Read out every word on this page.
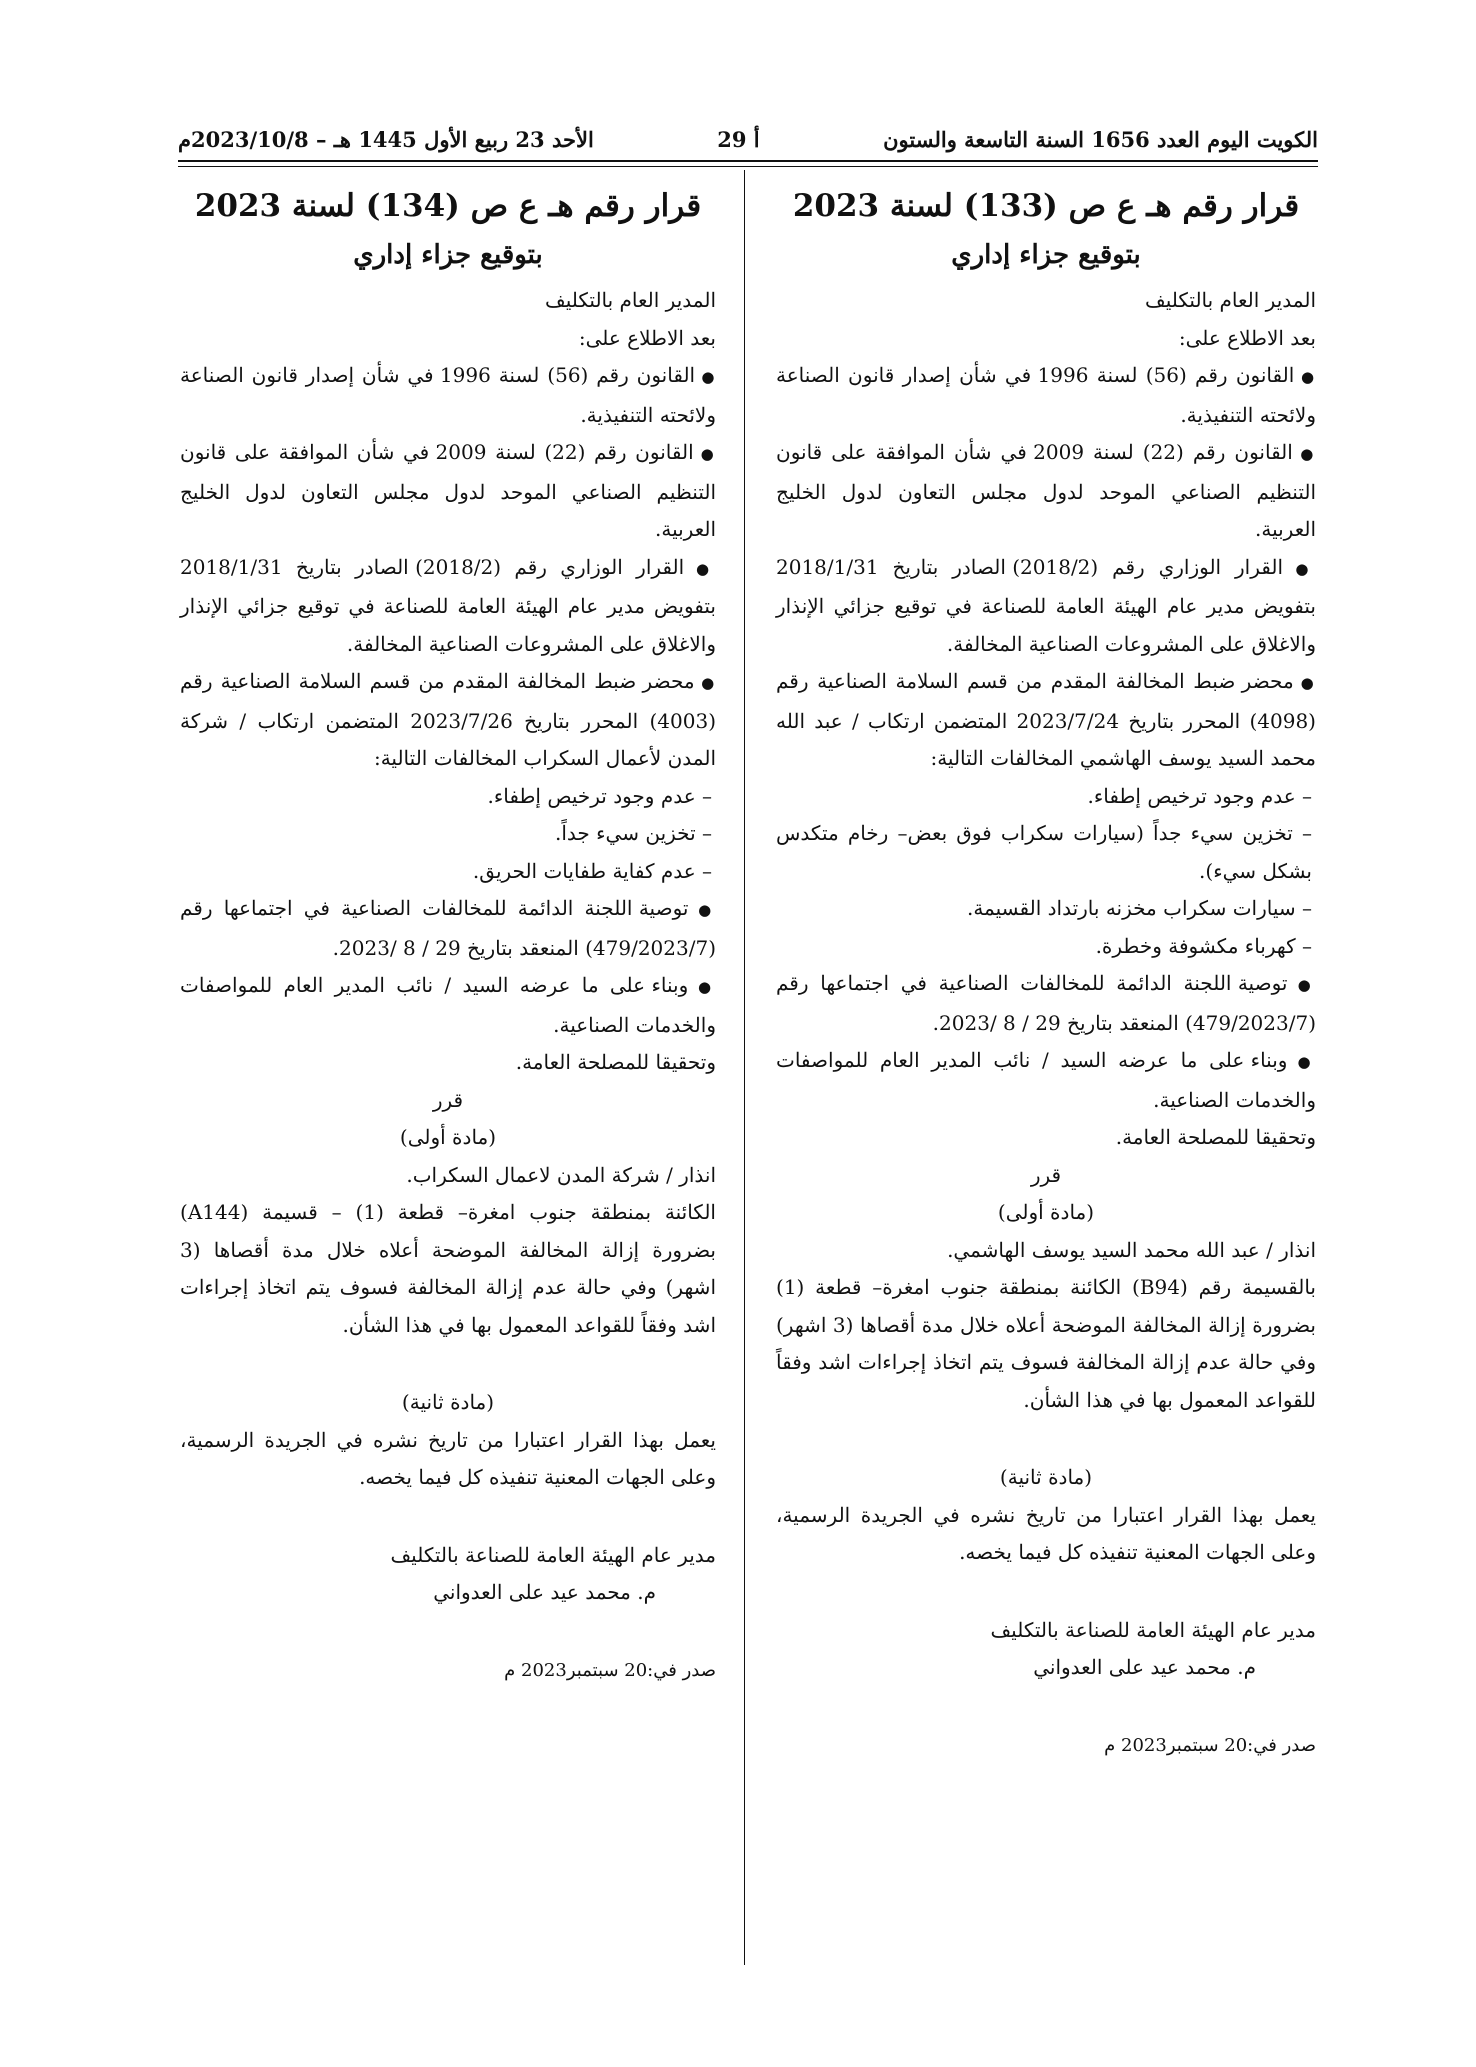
الكويت اليوم العدد 1656 السنة التاسعة والستون
أ 29
الأحد 23 ربيع الأول 1445 هـ – 2023/10/8م

قرار رقم هـ ع ص (133) لسنة 2023

بتوقيع جزاء إداري

المدير العام بالتكليف

بعد الاطلاع على:

● القانون رقم (56) لسنة 1996 في شأن إصدار قانون الصناعة ولائحته التنفيذية.

● القانون رقم (22) لسنة 2009 في شأن الموافقة على قانون التنظيم الصناعي الموحد لدول مجلس التعاون لدول الخليج العربية.

● القرار الوزاري رقم (2018/2) الصادر بتاريخ 2018/1/31 بتفويض مدير عام الهيئة العامة للصناعة في توقيع جزائي الإنذار والاغلاق على المشروعات الصناعية المخالفة.

● محضر ضبط المخالفة المقدم من قسم السلامة الصناعية رقم (4098) المحرر بتاريخ 2023/7/24 المتضمن ارتكاب / عبد الله محمد السيد يوسف الهاشمي المخالفات التالية:

– عدم وجود ترخيص إطفاء.

– تخزين سيء جداً (سيارات سكراب فوق بعض– رخام متكدس بشكل سيء).

– سيارات سكراب مخزنه بارتداد القسيمة.

– كهرباء مكشوفة وخطرة.

● توصية اللجنة الدائمة للمخالفات الصناعية في اجتماعها رقم (479/2023/7) المنعقد بتاريخ 29 / 8 /2023.

● وبناء على ما عرضه السيد / نائب المدير العام للمواصفات والخدمات الصناعية.

وتحقيقا للمصلحة العامة.

قرر

(مادة أولى)

انذار / عبد الله محمد السيد يوسف الهاشمي.

بالقسيمة رقم (B94) الكائنة بمنطقة جنوب امغرة– قطعة (1) بضرورة إزالة المخالفة الموضحة أعلاه خلال مدة أقصاها (3 اشهر) وفي حالة عدم إزالة المخالفة فسوف يتم اتخاذ إجراءات اشد وفقاً للقواعد المعمول بها في هذا الشأن.

(مادة ثانية)

يعمل بهذا القرار اعتبارا من تاريخ نشره في الجريدة الرسمية، وعلى الجهات المعنية تنفيذه كل فيما يخصه.

مدير عام الهيئة العامة للصناعة بالتكليف

م. محمد عيد على العدواني

صدر في:20 سبتمبر2023 م

قرار رقم هـ ع ص (134) لسنة 2023

بتوقيع جزاء إداري

المدير العام بالتكليف

بعد الاطلاع على:

● القانون رقم (56) لسنة 1996 في شأن إصدار قانون الصناعة ولائحته التنفيذية.

● القانون رقم (22) لسنة 2009 في شأن الموافقة على قانون التنظيم الصناعي الموحد لدول مجلس التعاون لدول الخليج العربية.

● القرار الوزاري رقم (2018/2) الصادر بتاريخ 2018/1/31 بتفويض مدير عام الهيئة العامة للصناعة في توقيع جزائي الإنذار والاغلاق على المشروعات الصناعية المخالفة.

● محضر ضبط المخالفة المقدم من قسم السلامة الصناعية رقم (4003) المحرر بتاريخ 2023/7/26 المتضمن ارتكاب / شركة المدن لأعمال السكراب المخالفات التالية:

– عدم وجود ترخيص إطفاء.

– تخزين سيء جداً.

– عدم كفاية طفايات الحريق.

● توصية اللجنة الدائمة للمخالفات الصناعية في اجتماعها رقم (479/2023/7) المنعقد بتاريخ 29 / 8 /2023.

● وبناء على ما عرضه السيد / نائب المدير العام للمواصفات والخدمات الصناعية.

وتحقيقا للمصلحة العامة.

قرر

(مادة أولى)

انذار / شركة المدن لاعمال السكراب.

الكائنة بمنطقة جنوب امغرة– قطعة (1) – قسيمة (A144) بضرورة إزالة المخالفة الموضحة أعلاه خلال مدة أقصاها (3 اشهر) وفي حالة عدم إزالة المخالفة فسوف يتم اتخاذ إجراءات اشد وفقاً للقواعد المعمول بها في هذا الشأن.

(مادة ثانية)

يعمل بهذا القرار اعتبارا من تاريخ نشره في الجريدة الرسمية، وعلى الجهات المعنية تنفيذه كل فيما يخصه.

مدير عام الهيئة العامة للصناعة بالتكليف

م. محمد عيد على العدواني

صدر في:20 سبتمبر2023 م
